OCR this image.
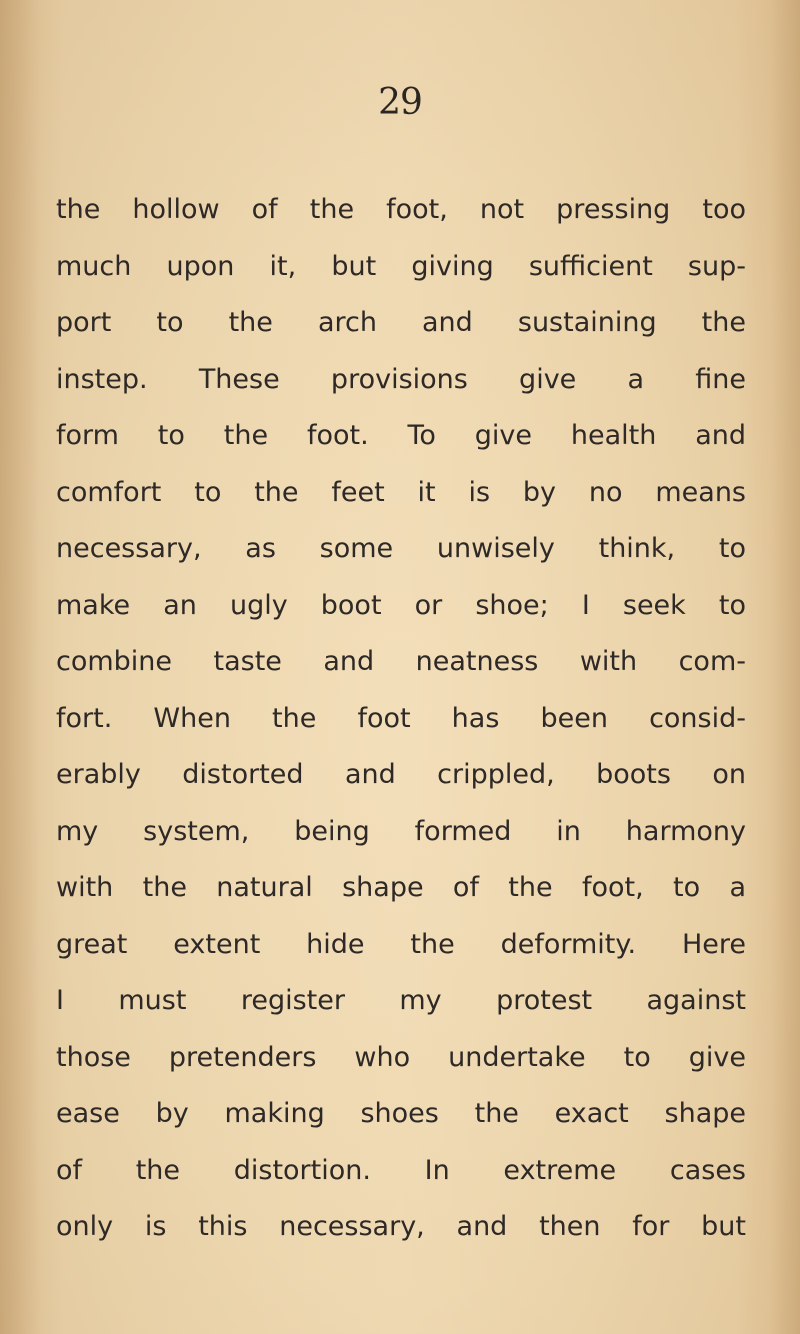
29
the hollow of the foot, not pressing too
much upon it, but giving sufficient sup-
port to the arch and sustaining the
instep. These provisions give a fine
form to the foot. To give health and
comfort to the feet it is by no means
necessary, as some unwisely think, to
make an ugly boot or shoe; I seek to
combine taste and neatness with com-
fort. When the foot has been consid-
erably distorted and crippled, boots on
my system, being formed in harmony
with the natural shape of the foot, to a
great extent hide the deformity. Here
I must register my protest against
those pretenders who undertake to give
ease by making shoes the exact shape
of the distortion. In extreme cases
only is this necessary, and then for but
